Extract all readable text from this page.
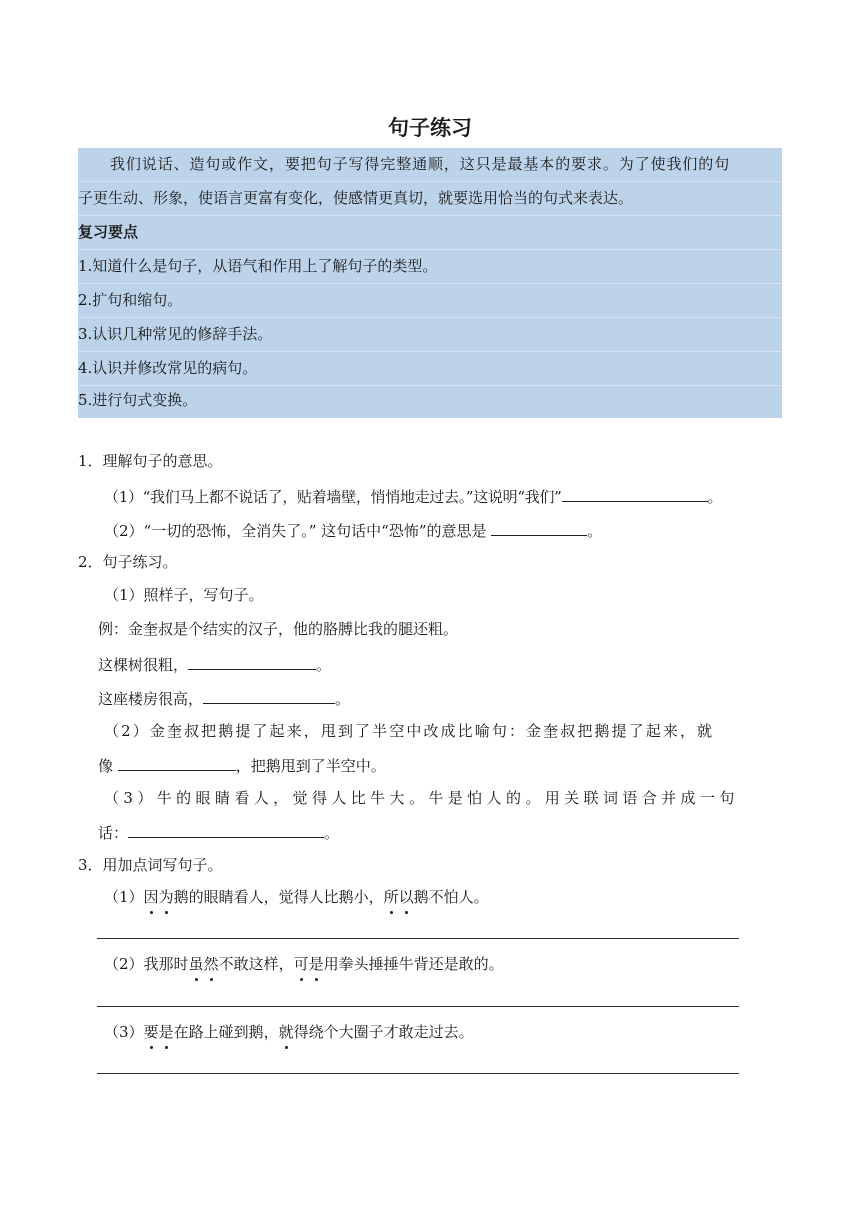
句子练习
我们说话、造句或作文，要把句子写得完整通顺，这只是最基本的要求。为了使我们的句
子更生动、形象，使语言更富有变化，使感情更真切，就要选用恰当的句式来表达。
复习要点
1.知道什么是句子，从语气和作用上了解句子的类型。
2.扩句和缩句。
3.认识几种常见的修辞手法。
4.认识并修改常见的病句。
5.进行句式变换。
1．理解句子的意思。
（1）“我们马上都不说话了，贴着墙壁，悄悄地走过去。”这说明“我们”	。
（2）“一切的恐怖，全消失了。” 这句话中“恐怖”的意思是	。
2．句子练习。
（1）照样子，写句子。
例：金奎叔是个结实的汉子，他的胳膊比我的腿还粗。
这棵树很粗，	。
这座楼房很高，	。
（2）金奎叔把鹅提了起来，甩到了半空中改成比喻句：金奎叔把鹅提了起来，就
像	，把鹅甩到了半空中。
（3）牛的眼睛看人，觉得人比牛大。牛是怕人的。用关联词语合并成一句
话：	。
3．用加点词写句子。
（1）因为鹅的眼睛看人，觉得人比鹅小，所以鹅不怕人。
（2）我那时虽然不敢这样，可是用拳头捶捶牛背还是敢的。
（3）要是在路上碰到鹅，就得绕个大圈子才敢走过去。
